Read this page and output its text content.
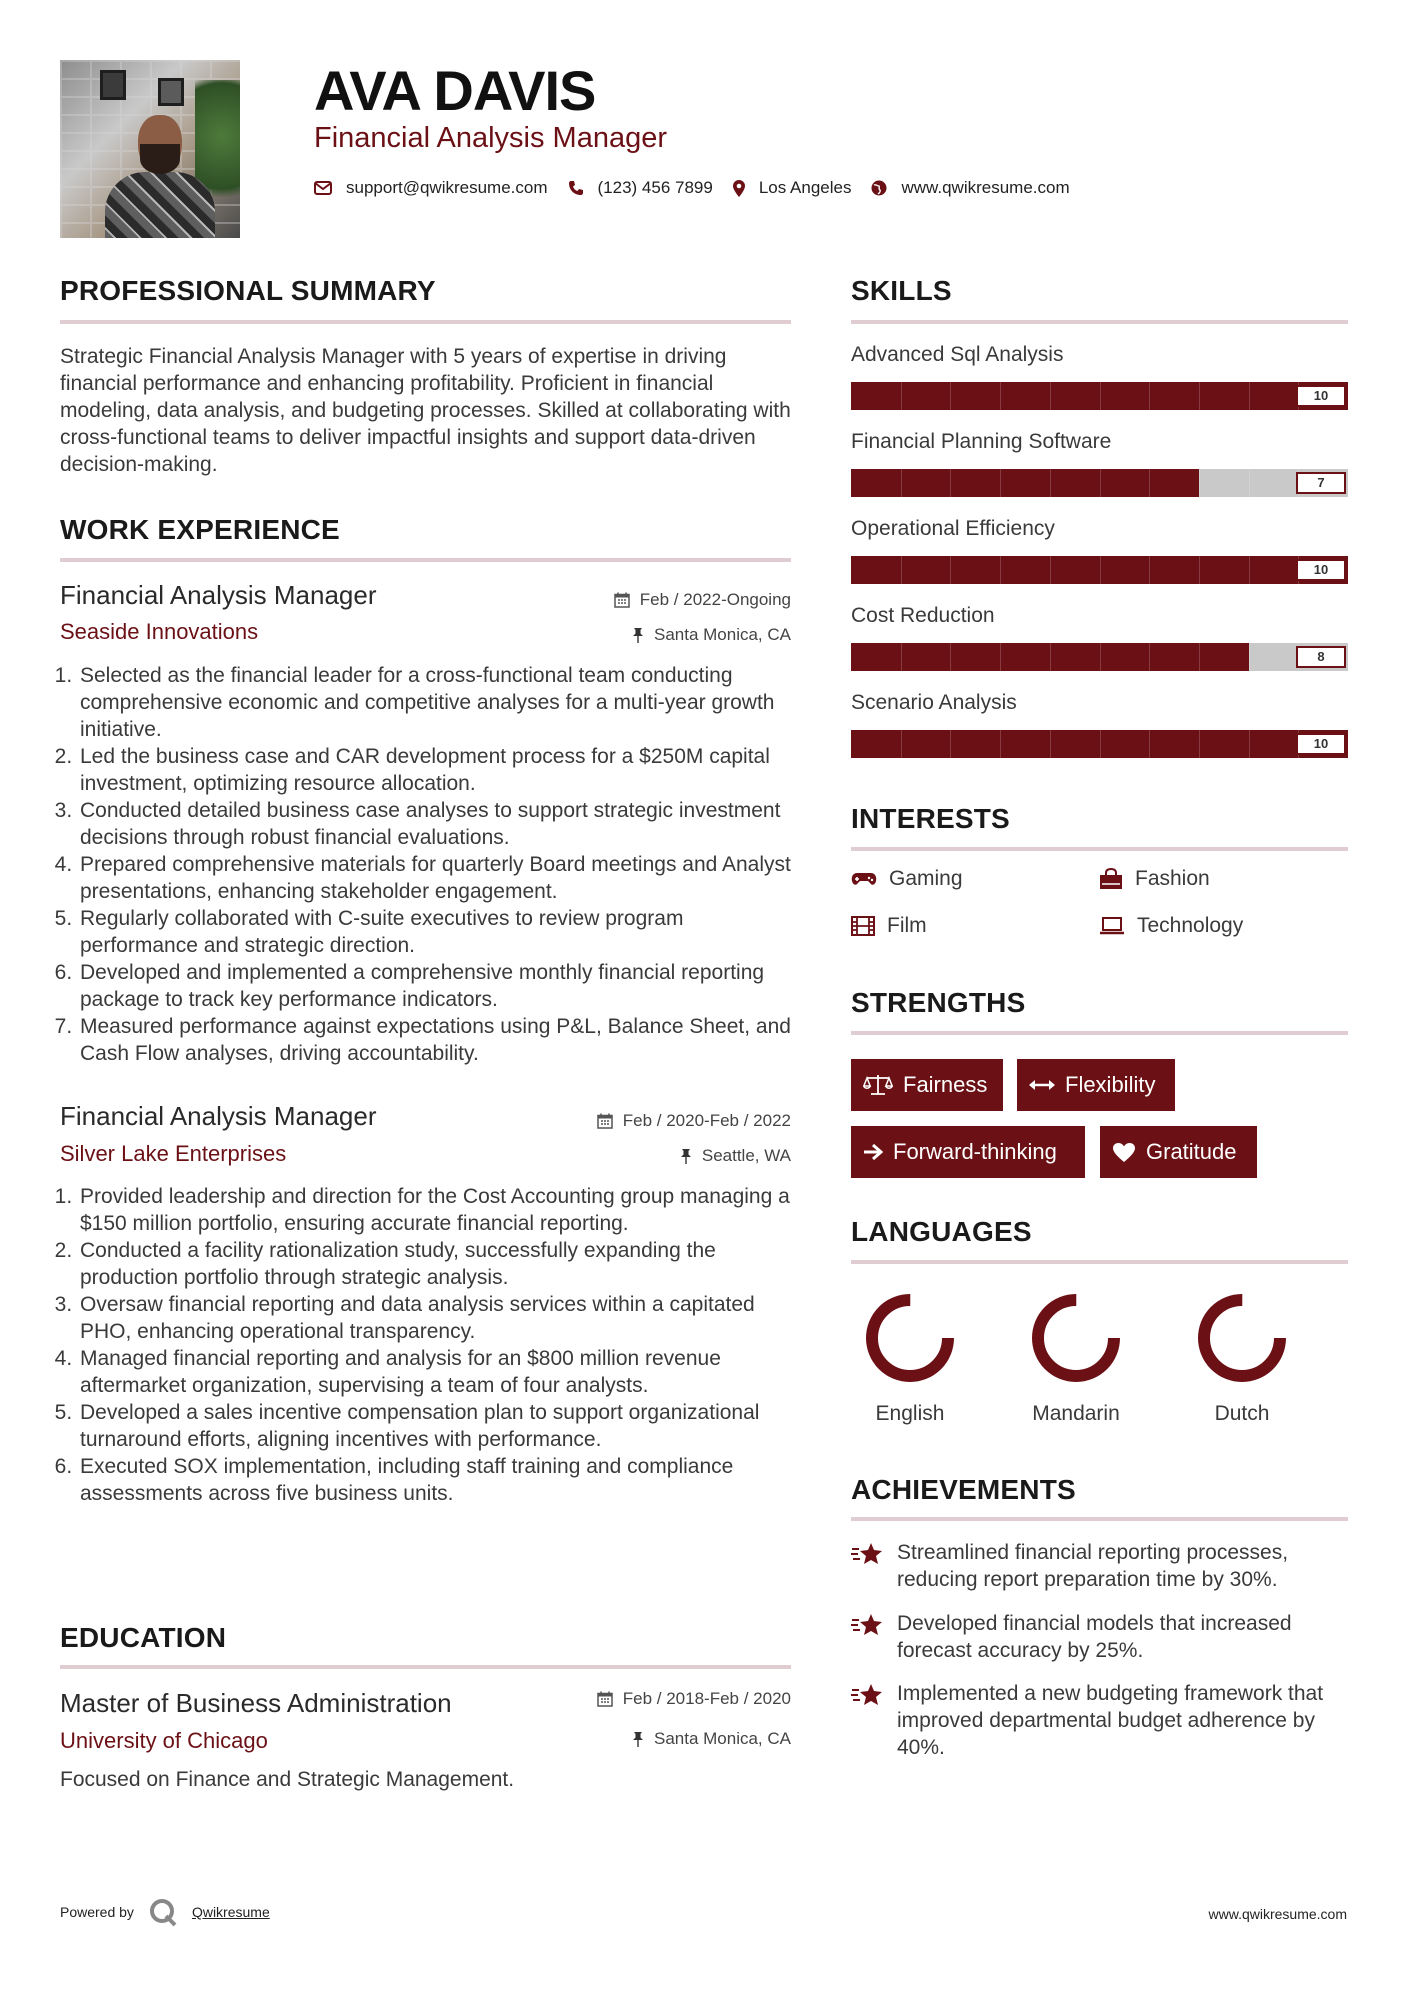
AVA DAVIS
Financial Analysis Manager
support@qwikresume.com	(123) 456 7899	Los Angeles	www.qwikresume.com
PROFESSIONAL SUMMARY
Strategic Financial Analysis Manager with 5 years of expertise in driving financial performance and enhancing profitability. Proficient in financial modeling, data analysis, and budgeting processes. Skilled at collaborating with cross-functional teams to deliver impactful insights and support data-driven decision-making.
WORK EXPERIENCE
Financial Analysis Manager	Feb / 2022-Ongoing
Seaside Innovations	Santa Monica, CA
1. Selected as the financial leader for a cross-functional team conducting comprehensive economic and competitive analyses for a multi-year growth initiative.
2. Led the business case and CAR development process for a $250M capital investment, optimizing resource allocation.
3. Conducted detailed business case analyses to support strategic investment decisions through robust financial evaluations.
4. Prepared comprehensive materials for quarterly Board meetings and Analyst presentations, enhancing stakeholder engagement.
5. Regularly collaborated with C-suite executives to review program performance and strategic direction.
6. Developed and implemented a comprehensive monthly financial reporting package to track key performance indicators.
7. Measured performance against expectations using P&L, Balance Sheet, and Cash Flow analyses, driving accountability.
Financial Analysis Manager	Feb / 2020-Feb / 2022
Silver Lake Enterprises	Seattle, WA
1. Provided leadership and direction for the Cost Accounting group managing a $150 million portfolio, ensuring accurate financial reporting.
2. Conducted a facility rationalization study, successfully expanding the production portfolio through strategic analysis.
3. Oversaw financial reporting and data analysis services within a capitated PHO, enhancing operational transparency.
4. Managed financial reporting and analysis for an $800 million revenue aftermarket organization, supervising a team of four analysts.
5. Developed a sales incentive compensation plan to support organizational turnaround efforts, aligning incentives with performance.
6. Executed SOX implementation, including staff training and compliance assessments across five business units.
EDUCATION
Master of Business Administration	Feb / 2018-Feb / 2020
University of Chicago	Santa Monica, CA
Focused on Finance and Strategic Management.
SKILLS
Advanced Sql Analysis
10
Financial Planning Software
7
Operational Efficiency
10
Cost Reduction
8
Scenario Analysis
10
INTERESTS
Gaming	Fashion
Film	Technology
STRENGTHS
Fairness	Flexibility
Forward-thinking	Gratitude
LANGUAGES
English	Mandarin	Dutch
ACHIEVEMENTS
Streamlined financial reporting processes, reducing report preparation time by 30%.
Developed financial models that increased forecast accuracy by 25%.
Implemented a new budgeting framework that improved departmental budget adherence by 40%.
Powered by	Qwikresume	www.qwikresume.com
